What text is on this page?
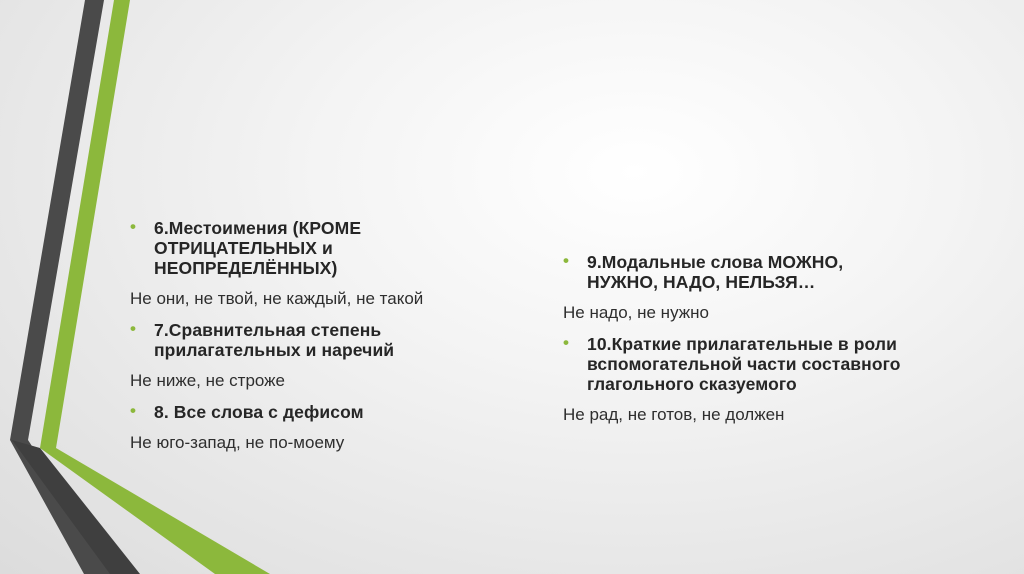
• 6.Местоимения (КРОМЕ
ОТРИЦАТЕЛЬНЫХ и
НЕОПРЕДЕЛЁННЫХ)
Не они, не твой, не каждый, не такой
• 7.Сравнительная степень
прилагательных и наречий
Не ниже, не строже
• 8. Все слова с дефисом
Не юго-запад, не по-моему
• 9.Модальные слова МОЖНО,
НУЖНО, НАДО, НЕЛЬЗЯ…
Не надо, не нужно
• 10.Краткие прилагательные в роли
вспомогательной части составного
глагольного сказуемого
Не рад, не готов, не должен
